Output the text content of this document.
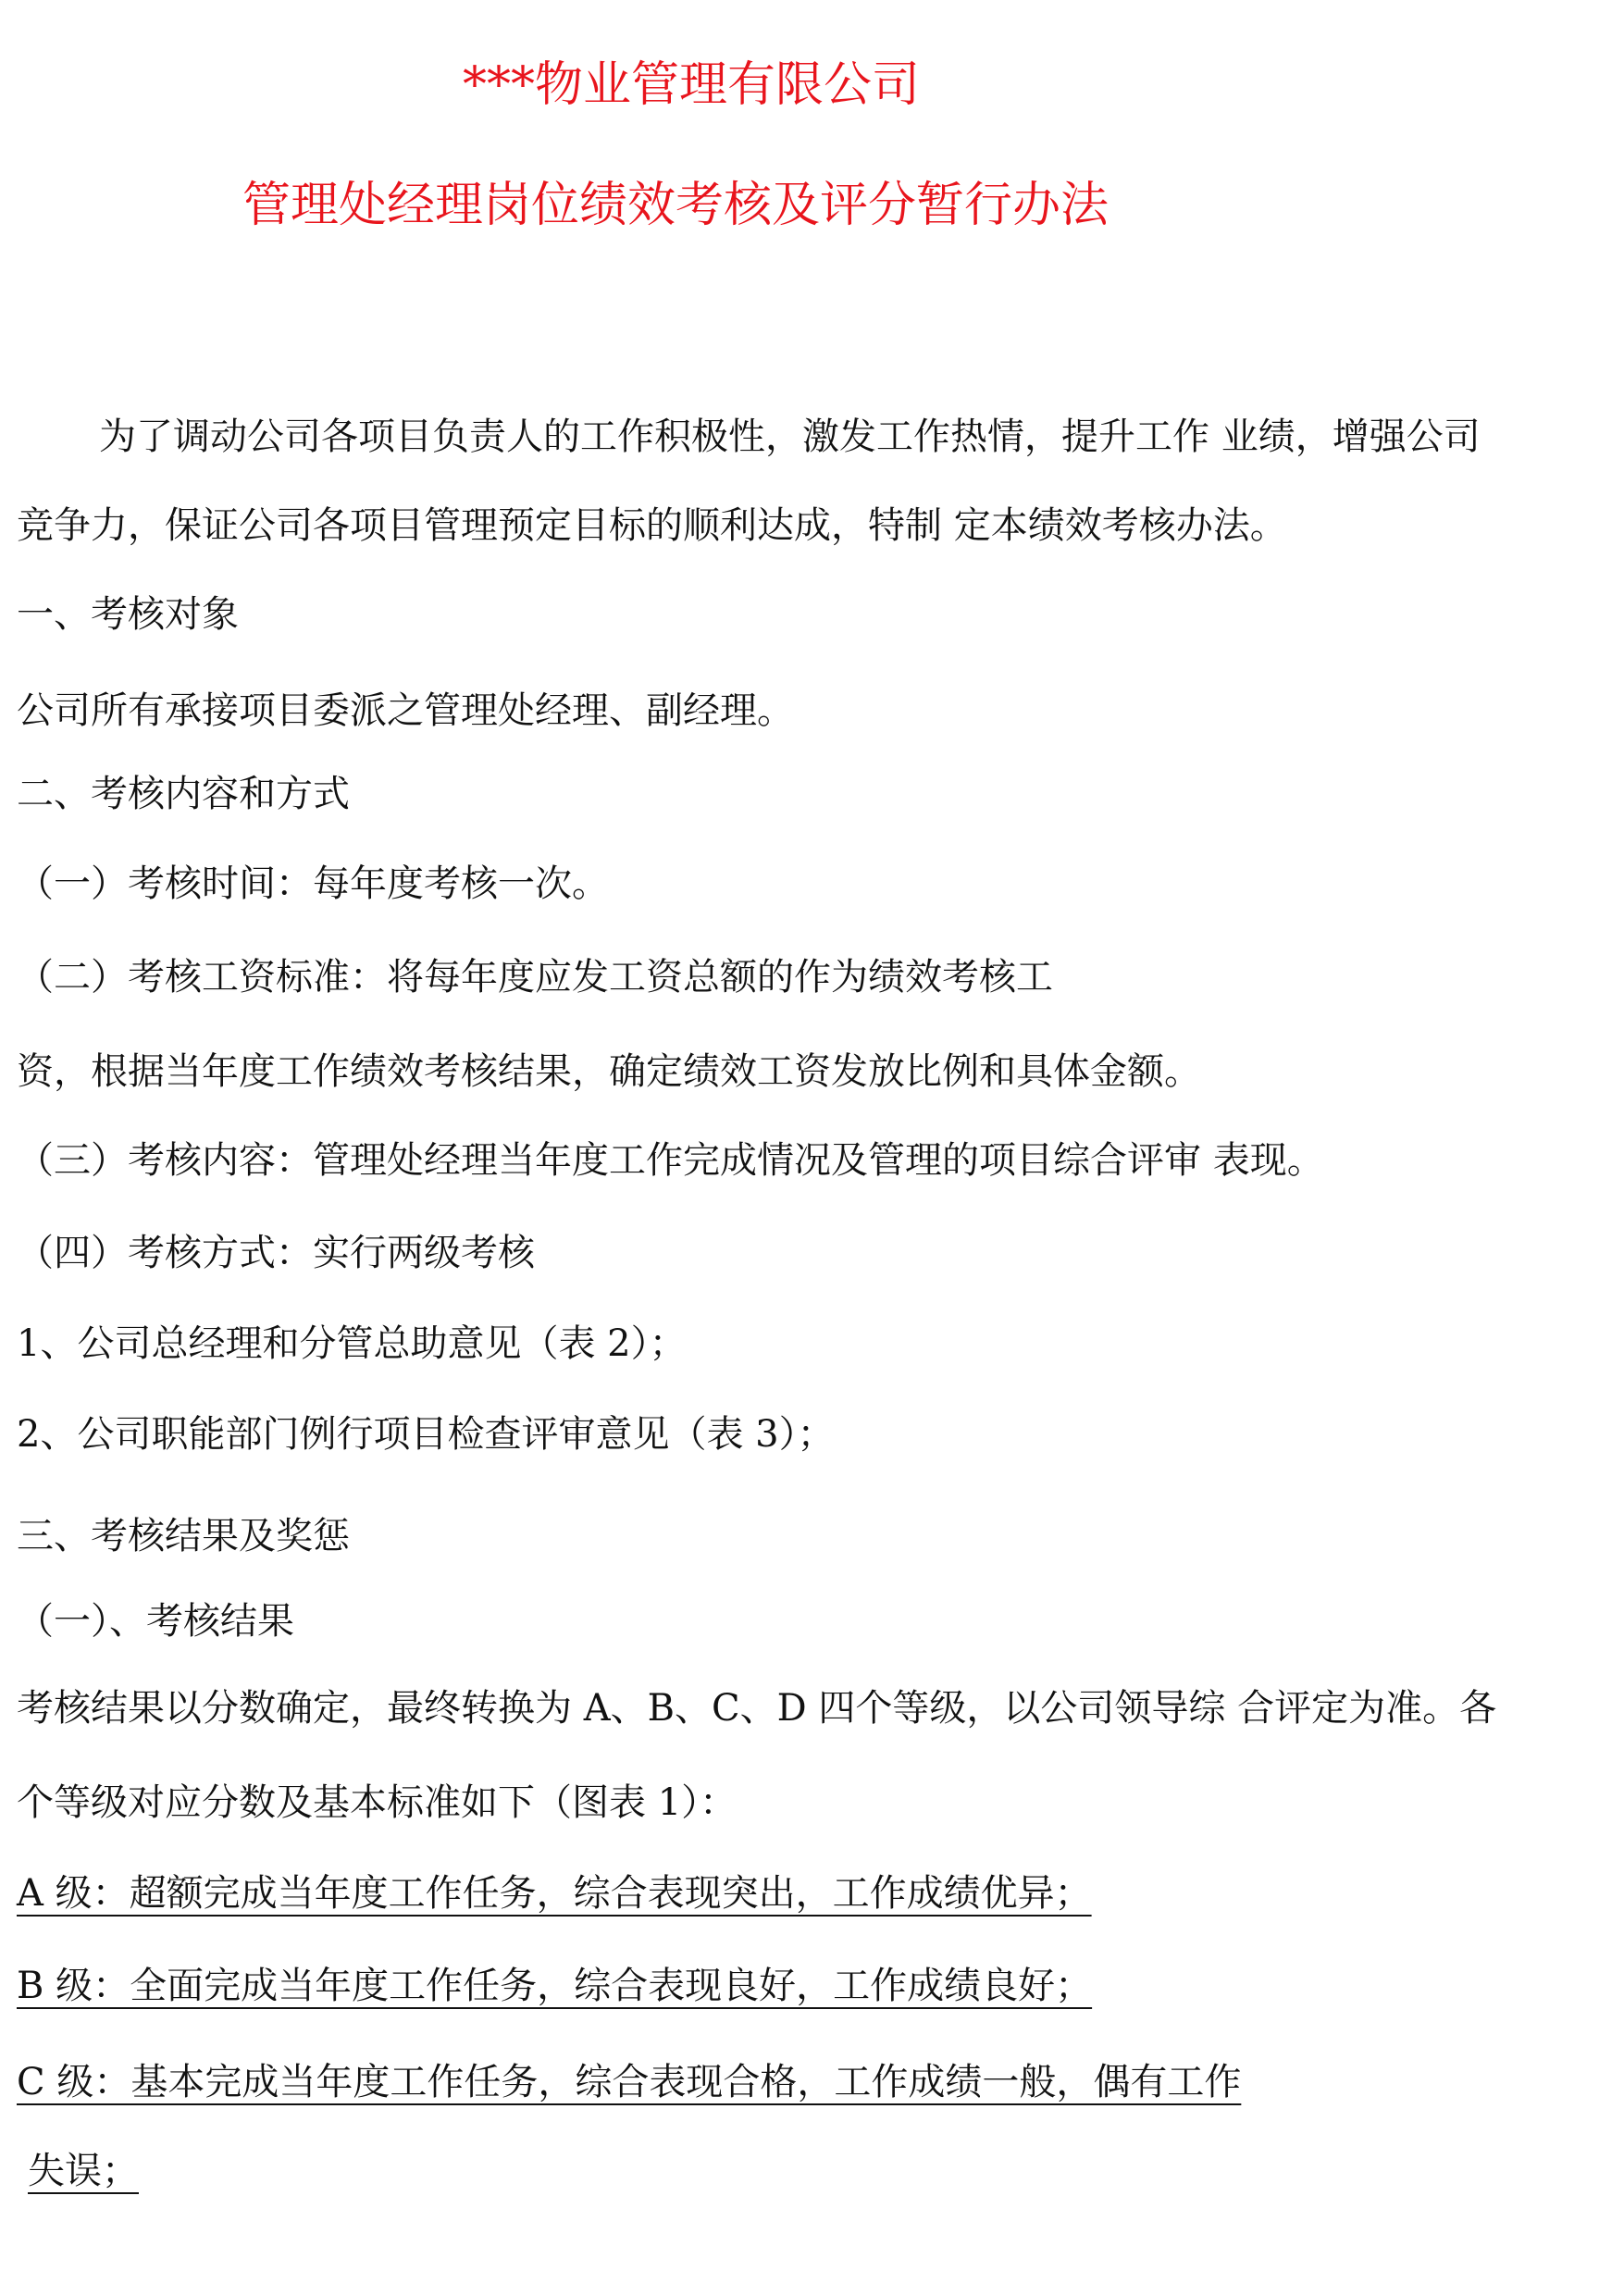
***物业管理有限公司
管理处经理岗位绩效考核及评分暂行办法
为了调动公司各项目负责人的工作积极性，激发工作热情，提升工作 业绩，增强公司
竞争力，保证公司各项目管理预定目标的顺利达成，特制 定本绩效考核办法。
一、考核对象
公司所有承接项目委派之管理处经理、副经理。
二、考核内容和方式
（一）考核时间：每年度考核一次。
（二）考核工资标准：将每年度应发工资总额的作为绩效考核工
资，根据当年度工作绩效考核结果，确定绩效工资发放比例和具体金额。
（三）考核内容：管理处经理当年度工作完成情况及管理的项目综合评审 表现。
（四）考核方式：实行两级考核
1、公司总经理和分管总助意见（表 2）；
2、公司职能部门例行项目检查评审意见（表 3）；
三、考核结果及奖惩
（一）、考核结果
考核结果以分数确定，最终转换为 A、B、C、D 四个等级，以公司领导综 合评定为准。各
个等级对应分数及基本标准如下（图表 1）：
A 级：超额完成当年度工作任务，综合表现突出，工作成绩优异；
B 级：全面完成当年度工作任务，综合表现良好，工作成绩良好；
C 级：基本完成当年度工作任务，综合表现合格，工作成绩一般，偶有工作
失误；
